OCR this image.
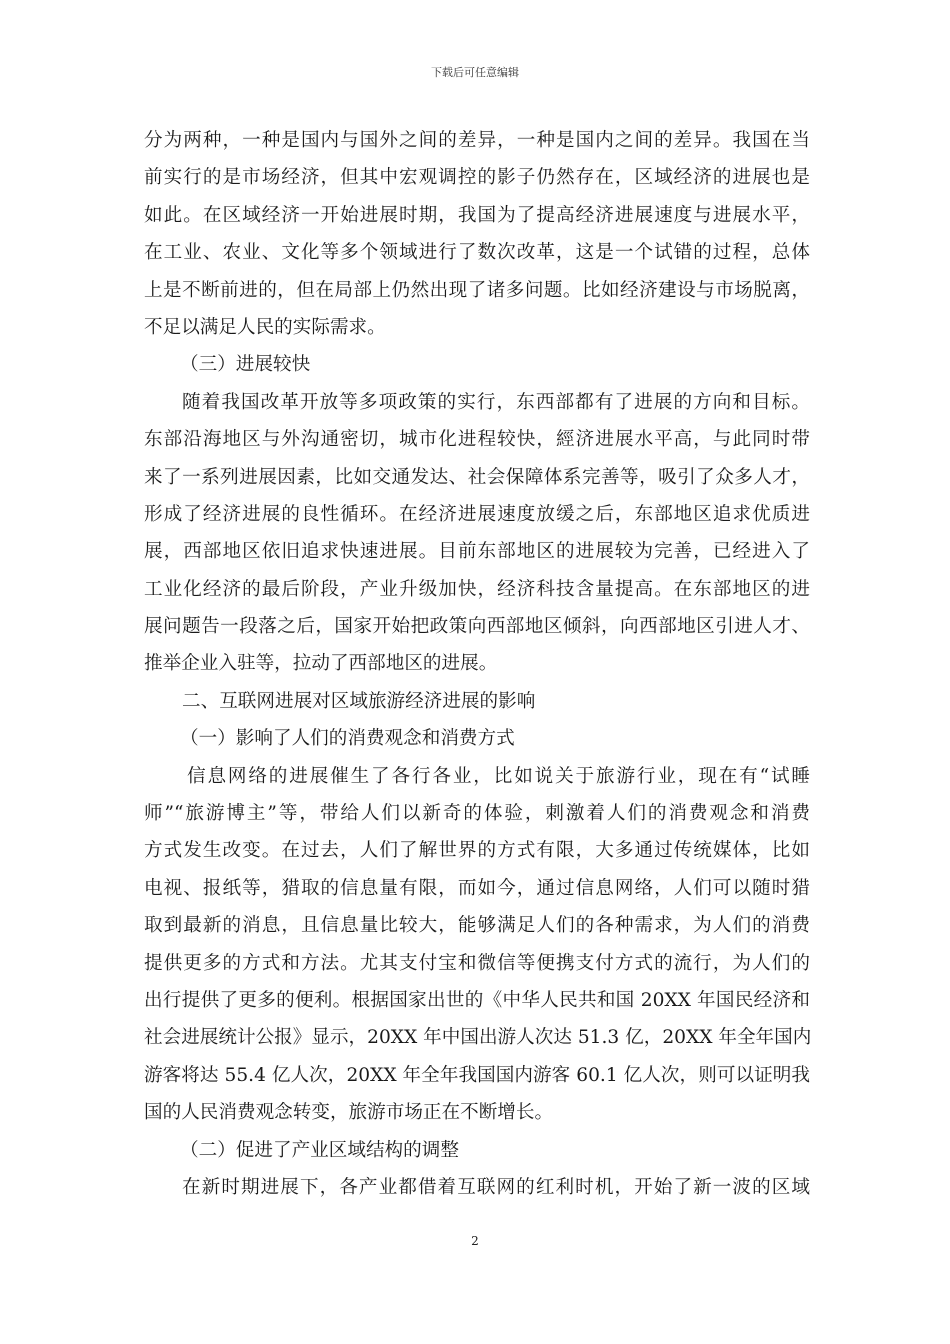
下载后可任意编辑
分为两种，一种是国内与国外之间的差异，一种是国内之间的差异。我国在当
前实行的是市场经济，但其中宏观调控的影子仍然存在，区域经济的进展也是
如此。在区域经济一开始进展时期，我国为了提高经济进展速度与进展水平，
在工业、农业、文化等多个领域进行了数次改革，这是一个试错的过程，总体
上是不断前进的，但在局部上仍然出现了诸多问题。比如经济建设与市场脱离，
不足以满足人民的实际需求。
（三）进展较快
随着我国改革开放等多项政策的实行，东西部都有了进展的方向和目标。
东部沿海地区与外沟通密切，城市化进程较快，經济进展水平高，与此同时带
来了一系列进展因素，比如交通发达、社会保障体系完善等，吸引了众多人才，
形成了经济进展的良性循环。在经济进展速度放缓之后，东部地区追求优质进
展，西部地区依旧追求快速进展。目前东部地区的进展较为完善，已经进入了
工业化经济的最后阶段，产业升级加快，经济科技含量提高。在东部地区的进
展问题告一段落之后，国家开始把政策向西部地区倾斜，向西部地区引进人才、
推举企业入驻等，拉动了西部地区的进展。
二、互联网进展对区域旅游经济进展的影响
（一）影响了人们的消费观念和消费方式
信息网络的进展催生了各行各业，比如说关于旅游行业，现在有“试睡
师”“旅游博主”等，带给人们以新奇的体验，刺激着人们的消费观念和消费
方式发生改变。在过去，人们了解世界的方式有限，大多通过传统媒体，比如
电视、报纸等，猎取的信息量有限，而如今，通过信息网络，人们可以随时猎
取到最新的消息，且信息量比较大，能够满足人们的各种需求，为人们的消费
提供更多的方式和方法。尤其支付宝和微信等便携支付方式的流行，为人们的
出行提供了更多的便利。根据国家出世的《中华人民共和国 20XX 年国民经济和
社会进展统计公报》显示，20XX 年中国出游人次达 51.3 亿，20XX 年全年国内
游客将达 55.4 亿人次，20XX 年全年我国国内游客 60.1 亿人次，则可以证明我
国的人民消费观念转变，旅游市场正在不断增长。
（二）促进了产业区域结构的调整
在新时期进展下，各产业都借着互联网的红利时机，开始了新一波的区域
2
